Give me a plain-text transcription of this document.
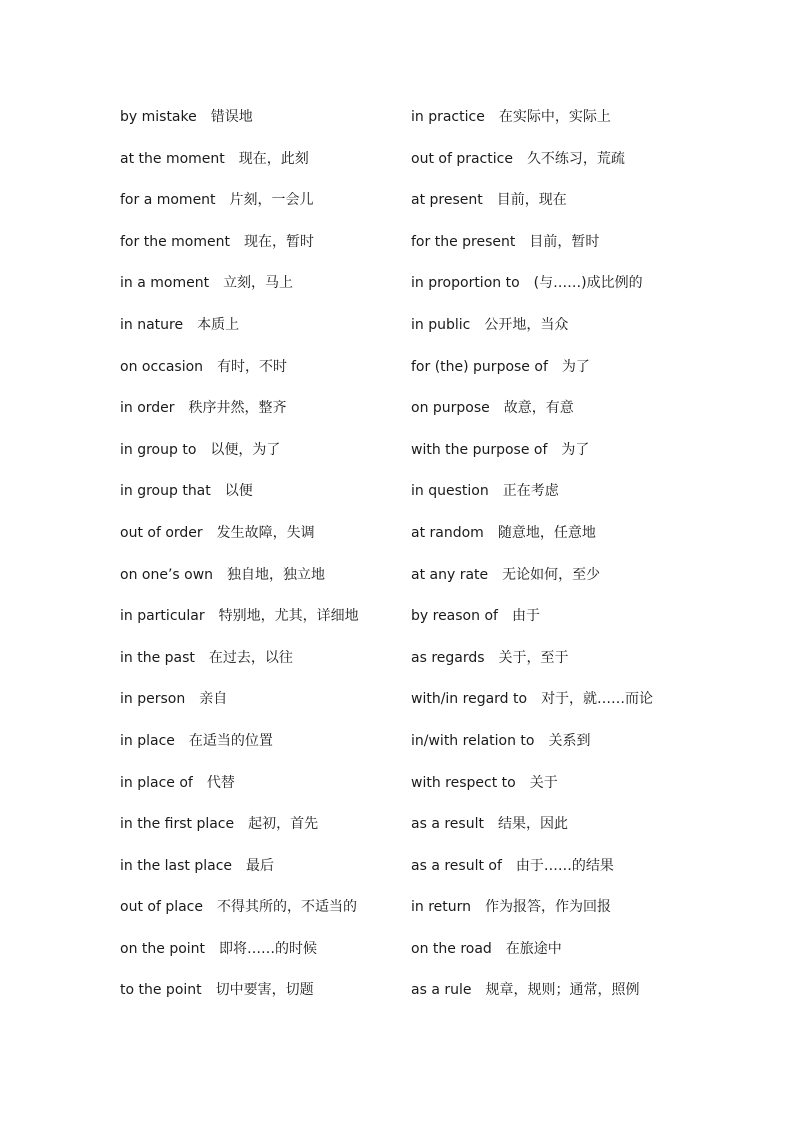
by mistake 错误地
at the moment 现在，此刻
for a moment 片刻，一会儿
for the moment 现在，暂时
in a moment 立刻，马上
in nature 本质上
on occasion 有时，不时
in order 秩序井然，整齐
in group to 以便，为了
in group that 以便
out of order 发生故障，失调
on one’s own 独自地，独立地
in particular 特别地，尤其，详细地
in the past 在过去，以往
in person 亲自
in place 在适当的位置
in place of 代替
in the first place 起初，首先
in the last place 最后
out of place 不得其所的，不适当的
on the point 即将……的时候
to the point 切中要害，切题
in practice 在实际中，实际上
out of practice 久不练习，荒疏
at present 目前，现在
for the present 目前，暂时
in proportion to (与……)成比例的
in public 公开地，当众
for (the) purpose of 为了
on purpose 故意，有意
with the purpose of 为了
in question 正在考虑
at random 随意地，任意地
at any rate 无论如何，至少
by reason of 由于
as regards 关于，至于
with/in regard to 对于，就……而论
in/with relation to 关系到
with respect to 关于
as a result 结果，因此
as a result of 由于……的结果
in return 作为报答，作为回报
on the road 在旅途中
as a rule 规章，规则；通常，照例
